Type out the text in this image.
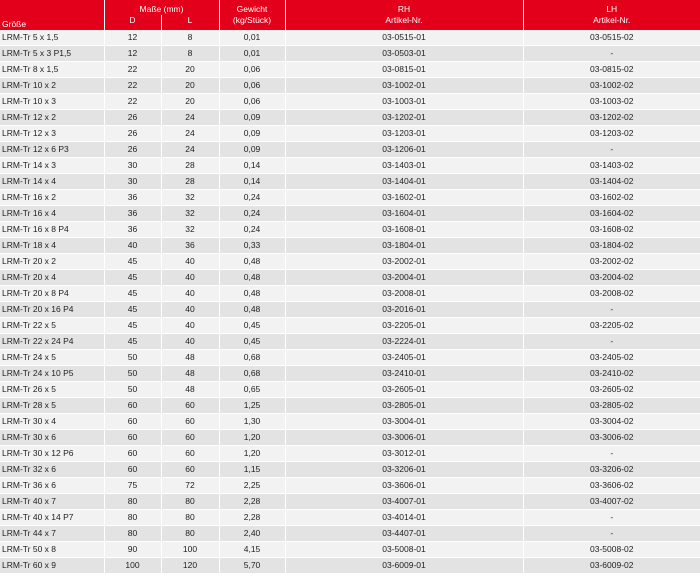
Größe	Maße (mm)		Gewicht	RH	LH
	D	L	(kg/Stück)	Artikel-Nr.	Artikel-Nr.
LRM-Tr 5 x 1,5	12	8	0,01	03-0515-01	03-0515-02
LRM-Tr 5 x 3 P1,5	12	8	0,01	03-0503-01	-
LRM-Tr 8 x 1,5	22	20	0,06	03-0815-01	03-0815-02
LRM-Tr 10 x 2	22	20	0,06	03-1002-01	03-1002-02
LRM-Tr 10 x 3	22	20	0,06	03-1003-01	03-1003-02
LRM-Tr 12 x 2	26	24	0,09	03-1202-01	03-1202-02
LRM-Tr 12 x 3	26	24	0,09	03-1203-01	03-1203-02
LRM-Tr 12 x 6 P3	26	24	0,09	03-1206-01	-
LRM-Tr 14 x 3	30	28	0,14	03-1403-01	03-1403-02
LRM-Tr 14 x 4	30	28	0,14	03-1404-01	03-1404-02
LRM-Tr 16 x 2	36	32	0,24	03-1602-01	03-1602-02
LRM-Tr 16 x 4	36	32	0,24	03-1604-01	03-1604-02
LRM-Tr 16 x 8 P4	36	32	0,24	03-1608-01	03-1608-02
LRM-Tr 18 x 4	40	36	0,33	03-1804-01	03-1804-02
LRM-Tr 20 x 2	45	40	0,48	03-2002-01	03-2002-02
LRM-Tr 20 x 4	45	40	0,48	03-2004-01	03-2004-02
LRM-Tr 20 x 8 P4	45	40	0,48	03-2008-01	03-2008-02
LRM-Tr 20 x 16 P4	45	40	0,48	03-2016-01	-
LRM-Tr 22 x 5	45	40	0,45	03-2205-01	03-2205-02
LRM-Tr 22 x 24 P4	45	40	0,45	03-2224-01	-
LRM-Tr 24 x 5	50	48	0,68	03-2405-01	03-2405-02
LRM-Tr 24 x 10 P5	50	48	0,68	03-2410-01	03-2410-02
LRM-Tr 26 x 5	50	48	0,65	03-2605-01	03-2605-02
LRM-Tr 28 x 5	60	60	1,25	03-2805-01	03-2805-02
LRM-Tr 30 x 4	60	60	1,30	03-3004-01	03-3004-02
LRM-Tr 30 x 6	60	60	1,20	03-3006-01	03-3006-02
LRM-Tr 30 x 12 P6	60	60	1,20	03-3012-01	-
LRM-Tr 32 x 6	60	60	1,15	03-3206-01	03-3206-02
LRM-Tr 36 x 6	75	72	2,25	03-3606-01	03-3606-02
LRM-Tr 40 x 7	80	80	2,28	03-4007-01	03-4007-02
LRM-Tr 40 x 14 P7	80	80	2,28	03-4014-01	-
LRM-Tr 44 x 7	80	80	2,40	03-4407-01	-
LRM-Tr 50 x 8	90	100	4,15	03-5008-01	03-5008-02
LRM-Tr 60 x 9	100	120	5,70	03-6009-01	03-6009-02
